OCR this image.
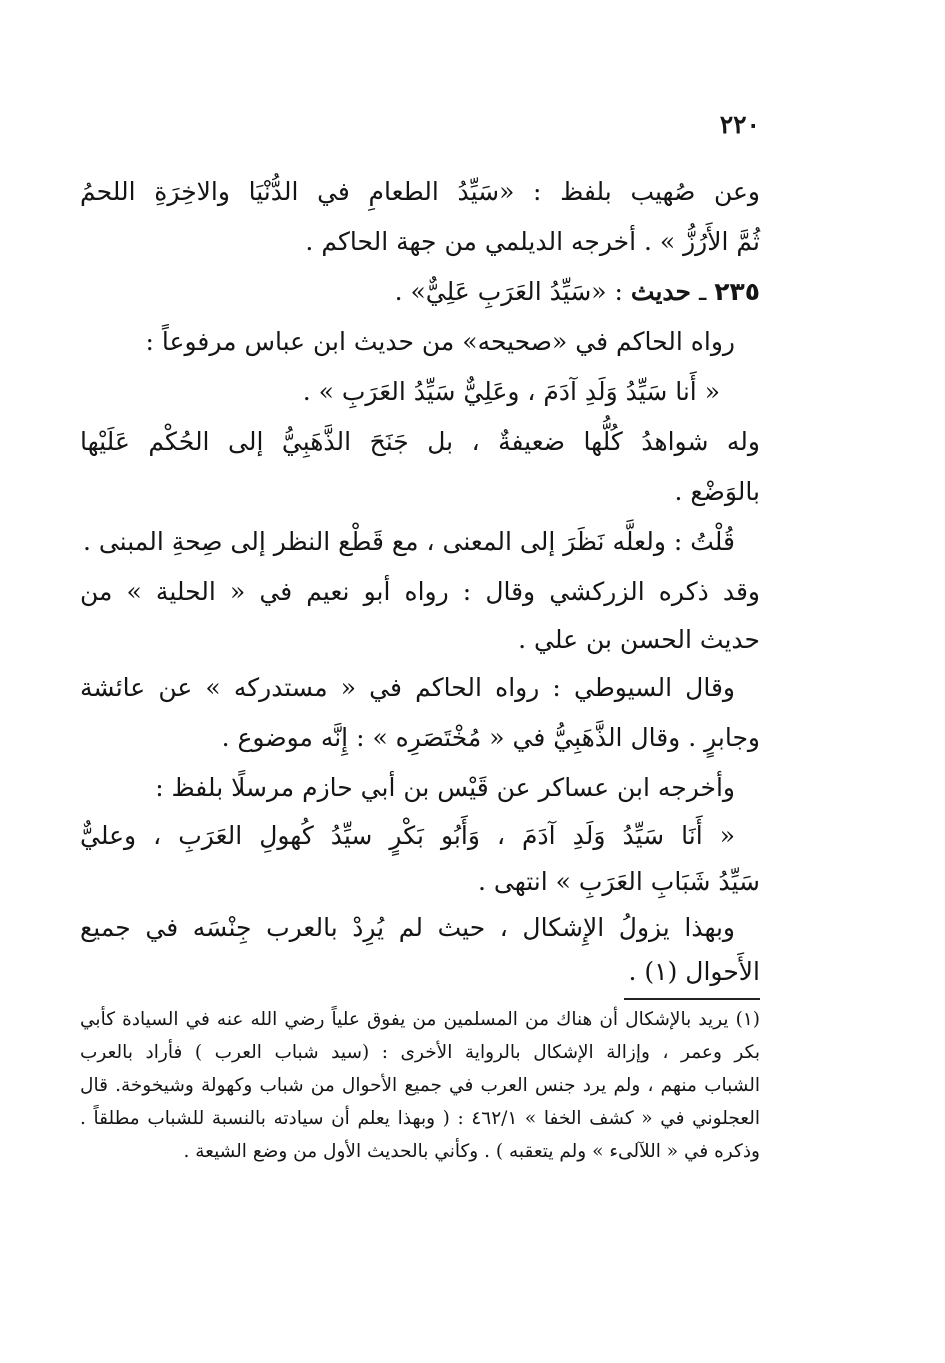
٢٢٠
وعن صُهيب بلفظ : «سَيِّدُ الطعامِ في الدُّنْيَا والاخِرَةِ اللحمُ
ثُمَّ الأَرُزُّ » . أخرجه الديلمي من جهة الحاكم .
٢٣٥ ـ حديث : «سَيِّدُ العَرَبِ عَلِيٌّ» .
رواه الحاكم في «صحيحه» من حديث ابن عباس مرفوعاً :
« أَنا سَيِّدُ وَلَدِ آدَمَ ، وعَلِيٌّ سَيِّدُ العَرَبِ » .
وله شواهدُ كُلُّها ضعيفةٌ ، بل جَنَحَ الذَّهَبِيُّ إلى الحُكْم عَلَيْها
بالوَضْع .
قُلْتُ : ولعلَّه نَظَرَ إلى المعنى ، مع قَطْع النظر إلى صِحةِ المبنى .
وقد ذكره الزركشي وقال : رواه أبو نعيم في « الحلية » من
حديث الحسن بن علي .
وقال السيوطي : رواه الحاكم في « مستدركه » عن عائشة
وجابرٍ . وقال الذَّهَبِيُّ في « مُخْتَصَرِه » : إِنَّه موضوع .
وأخرجه ابن عساكر عن قَيْس بن أبي حازم مرسلًا بلفظ :
« أَنَا سَيِّدُ وَلَدِ آدَمَ ، وَأَبُو بَكْرٍ سيِّدُ كُهولِ العَرَبِ ، وعليٌّ
سَيِّدُ شَبَابِ العَرَبِ » انتهى .
وبهذا يزولُ الإِشكال ، حيث لم يُرِدْ بالعرب جِنْسَه في جميع
الأَحوال (١) .
(١) يريد بالإشكال أن هناك من المسلمين من يفوق علياً رضي الله عنه في السيادة كأبي
بكر وعمر ، وإزالة الإشكال بالرواية الأخرى : (سيد شباب العرب ) فأراد بالعرب
الشباب منهم ، ولم يرد جنس العرب في جميع الأحوال من شباب وكهولة وشيخوخة. قال
العجلوني في « كشف الخفا » ٤٦٢/١ : ( وبهذا يعلم أن سيادته بالنسبة للشباب مطلقاً .
وذكره في « اللآلىء » ولم يتعقبه ) . وكأني بالحديث الأول من وضع الشيعة .
